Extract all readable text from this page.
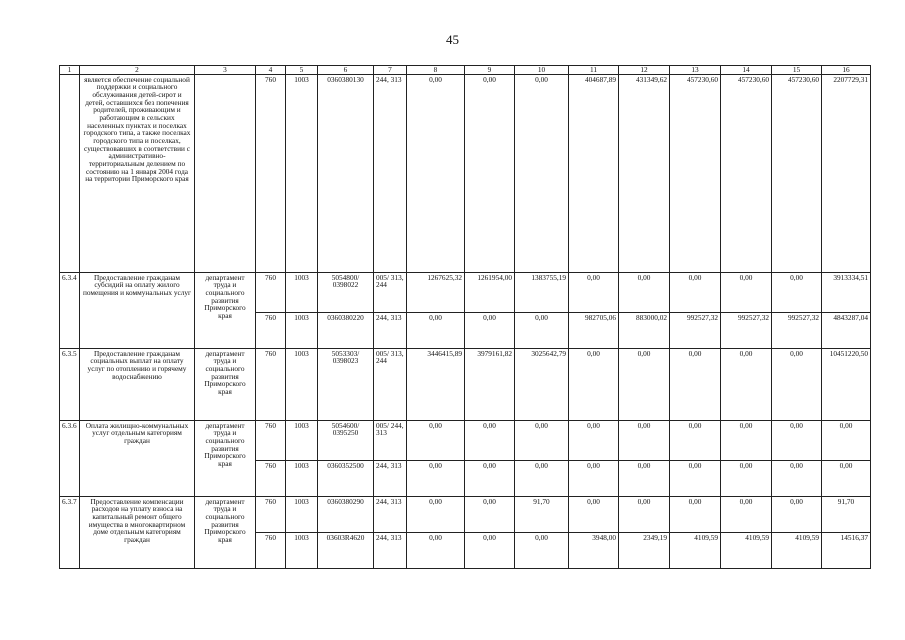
45
1	2	3	4	5	6	7	8	9	10	11	12	13	14	15	16
	является обеспечение социальной поддержки и социального обслуживания детей-сирот и детей, оставшихся без попечения родителей, проживающим и работающим в сельских населенных пунктах и поселках городского типа, а также поселках городского типа и поселках, существовавших в соответствии с административно-территориальным делением по состоянию на 1 января 2004 года на территории Приморского края		760	1003	0360380130	244, 313	0,00	0,00	0,00	404687,89	431349,62	457230,60	457230,60	457230,60	2207729,31
6.3.4	Предоставление гражданам субсидий на оплату жилого помещения и коммунальных услуг	департамент труда и социального развития Приморского края	760	1003	5054800/ 0398022	005/ 313, 244	1267625,32	1261954,00	1383755,19	0,00	0,00	0,00	0,00	0,00	3913334,51
			760	1003	0360380220	244, 313	0,00	0,00	0,00	982705,06	883000,02	992527,32	992527,32	992527,32	4843287,04
6.3.5	Предоставление гражданам социальных выплат на оплату услуг по отоплению и горячему водоснабжению	департамент труда и социального развития Приморского края	760	1003	5053303/ 0398023	005/ 313, 244	3446415,89	3979161,82	3025642,79	0,00	0,00	0,00	0,00	0,00	10451220,50
6.3.6	Оплата жилищно-коммунальных услуг отдельным категориям граждан	департамент труда и социального развития Приморского края	760	1003	5054600/ 0395250	005/ 244, 313	0,00	0,00	0,00	0,00	0,00	0,00	0,00	0,00	0,00
			760	1003	0360352500	244, 313	0,00	0,00	0,00	0,00	0,00	0,00	0,00	0,00	0,00
6.3.7	Предоставление компенсации расходов на уплату взноса на капитальный ремонт общего имущества в многоквартирном доме отдельным категориям граждан	департамент труда и социального развития Приморского края	760	1003	0360380290	244, 313	0,00	0,00	91,70	0,00	0,00	0,00	0,00	0,00	91,70
			760	1003	03603R4620	244, 313	0,00	0,00	0,00	3948,00	2349,19	4109,59	4109,59	4109,59	14516,37
